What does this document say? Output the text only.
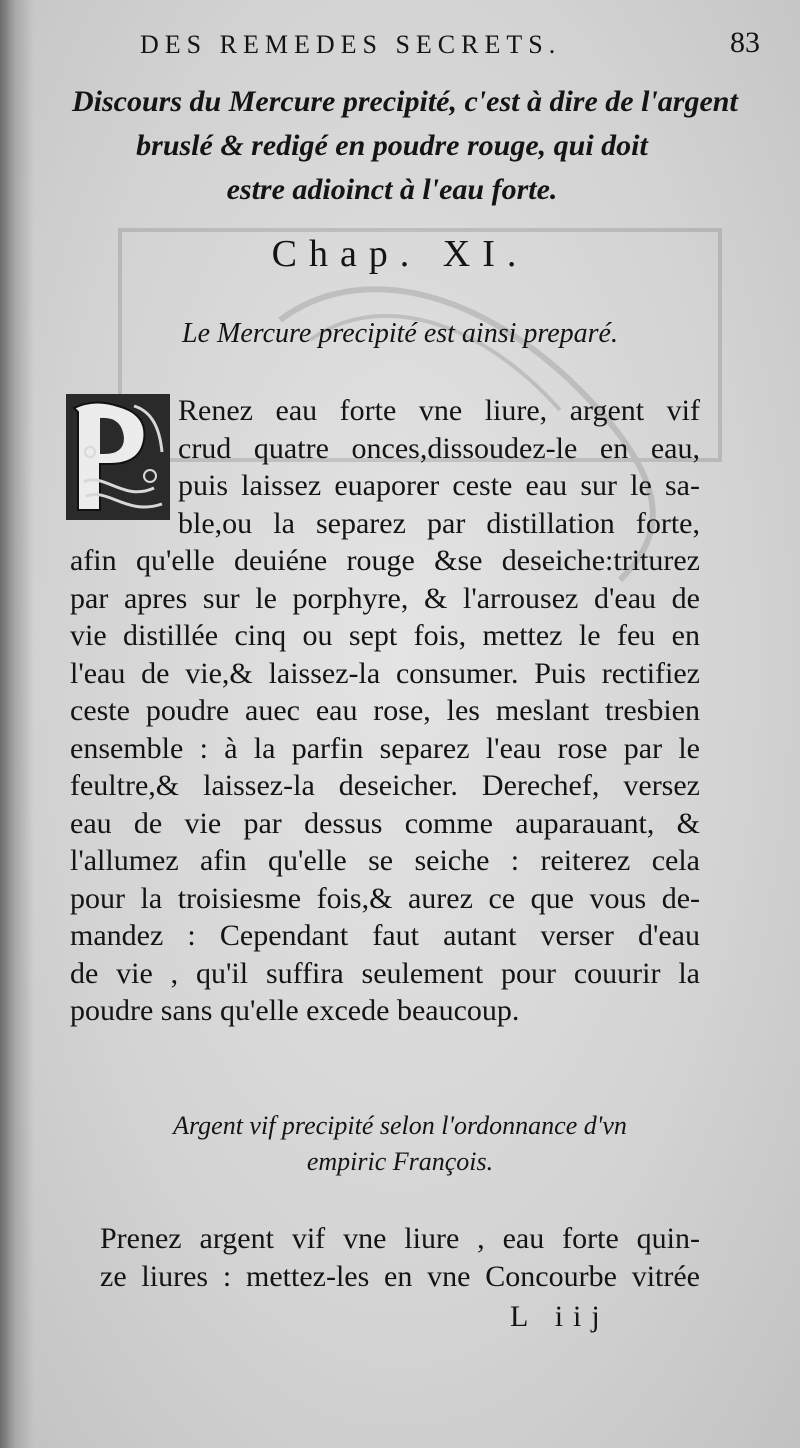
DES REMEDES SECRETS.	83
Discours du Mercure precipité, c'est à dire de l'argent
bruslé & redigé en poudre rouge, qui doit
estre adioinct à l'eau forte.
Chap. XI.
Le Mercure precipité est ainsi preparé.
Renez eau forte vne liure, argent vif
crud quatre onces,dissoudez-le en eau,
puis laissez euaporer ceste eau sur le sa-
ble,ou la separez par distillation forte,
afin qu'elle deuiéne rouge &se deseiche:triturez
par apres sur le porphyre, & l'arrousez d'eau de
vie distillée cinq ou sept fois, mettez le feu en
l'eau de vie,& laissez-la consumer. Puis rectifiez
ceste poudre auec eau rose, les meslant tresbien
ensemble : à la parfin separez l'eau rose par le
feultre,& laissez-la deseicher. Derechef, versez
eau de vie par dessus comme auparauant, &
l'allumez afin qu'elle se seiche : reiterez cela
pour la troisiesme fois,& aurez ce que vous de-
mandez : Cependant faut autant verser d'eau
de vie , qu'il suffira seulement pour couurir la
poudre sans qu'elle excede beaucoup.
Argent vif precipité selon l'ordonnance d'vn
empiric François.
Prenez argent vif vne liure , eau forte quin-
ze liures : mettez-les en vne Concourbe vitrée
L iij
